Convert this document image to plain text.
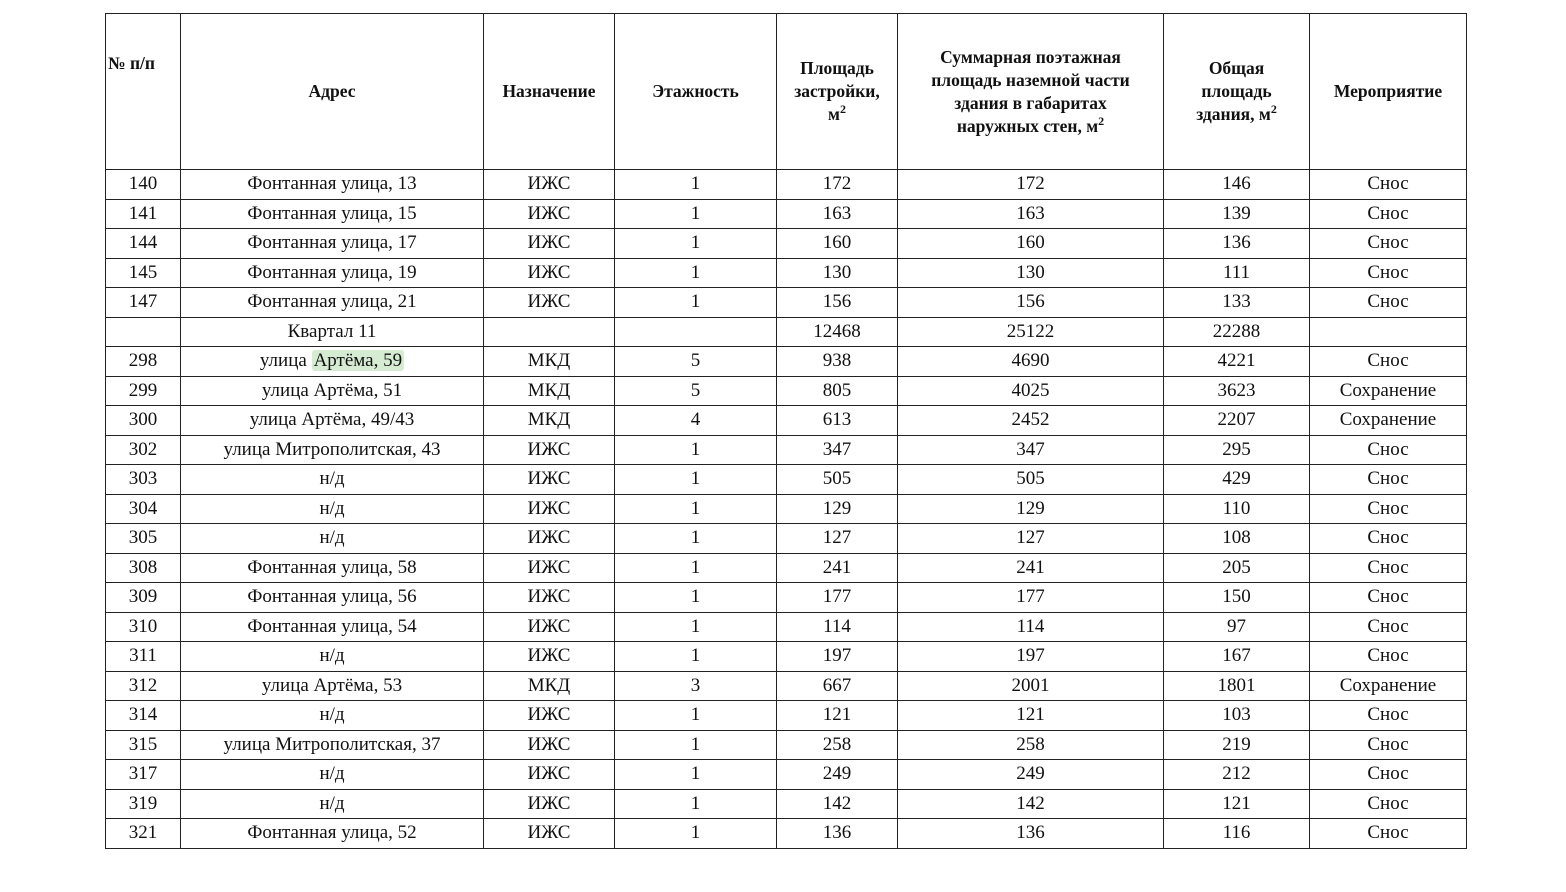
№ п/п	Адрес	Назначение	Этажность	Площадь
застройки,
$м^2$	Суммарная поэтажная
площадь наземной части
здания в габаритах
наружных стен, $м^2$	Общая
площадь
здания, $м^2$	Мероприятие
140	Фонтанная улица, 13	ИЖС	1	172	172	146	Снос
141	Фонтанная улица, 15	ИЖС	1	163	163	139	Снос
144	Фонтанная улица, 17	ИЖС	1	160	160	136	Снос
145	Фонтанная улица, 19	ИЖС	1	130	130	111	Снос
147	Фонтанная улица, 21	ИЖС	1	156	156	133	Снос
	Квартал 11			12468	25122	22288	
298	улица Артёма, 59	МКД	5	938	4690	4221	Снос
299	улица Артёма, 51	МКД	5	805	4025	3623	Сохранение
300	улица Артёма, 49/43	МКД	4	613	2452	2207	Сохранение
302	улица Митрополитская, 43	ИЖС	1	347	347	295	Снос
303	н/д	ИЖС	1	505	505	429	Снос
304	н/д	ИЖС	1	129	129	110	Снос
305	н/д	ИЖС	1	127	127	108	Снос
308	Фонтанная улица, 58	ИЖС	1	241	241	205	Снос
309	Фонтанная улица, 56	ИЖС	1	177	177	150	Снос
310	Фонтанная улица, 54	ИЖС	1	114	114	97	Снос
311	н/д	ИЖС	1	197	197	167	Снос
312	улица Артёма, 53	МКД	3	667	2001	1801	Сохранение
314	н/д	ИЖС	1	121	121	103	Снос
315	улица Митрополитская, 37	ИЖС	1	258	258	219	Снос
317	н/д	ИЖС	1	249	249	212	Снос
319	н/д	ИЖС	1	142	142	121	Снос
321	Фонтанная улица, 52	ИЖС	1	136	136	116	Снос
